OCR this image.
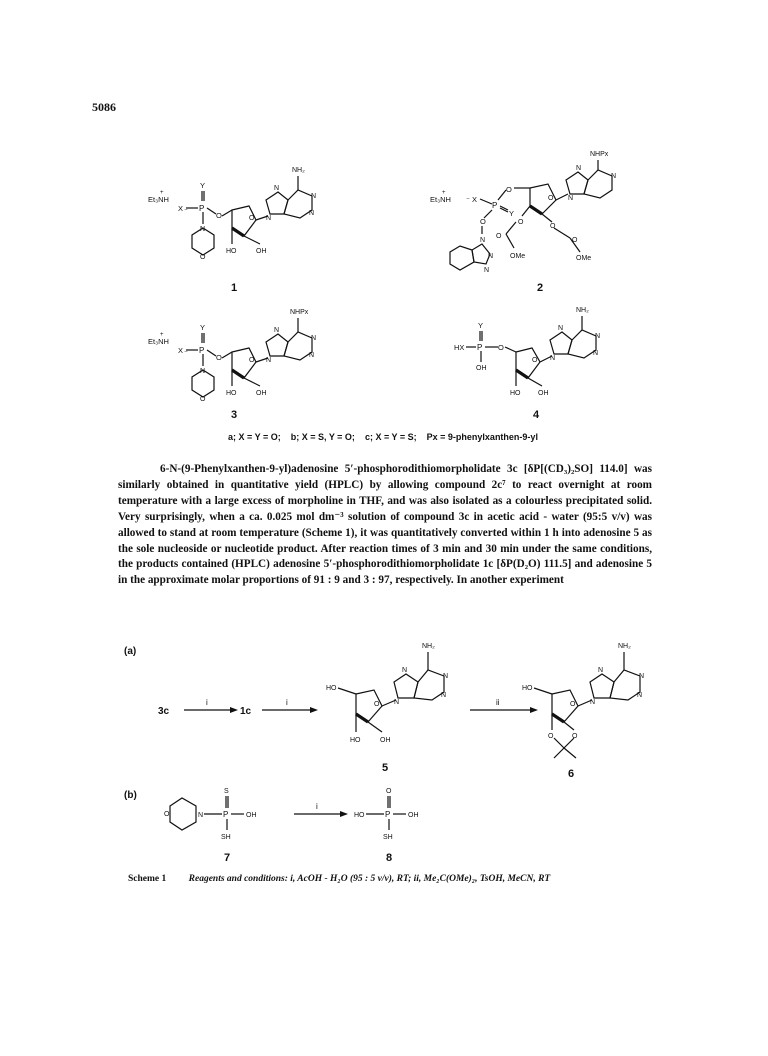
5086
Et₃NH
+
Y
⁻
X P
O
N
O
O
HO	OH
N
N
N
N
NH₂
1
Et₃NH
+
⁻ X
P
Y
O
O
N
N
N
O
O
O
O
OMe
O
OMe
N
N
N
NHPx
2
Et₃NH
+
Y
⁻
X P
O
N
O
O
HO	OH
N
N
N
N
NHPx
3
Y
HX P O
OH
O
HO	OH
N
N
N
N
NH₂
4
a; X = Y = O; b; X = S, Y = O; c; X = Y = S; Px = 9-phenylxanthen-9-yl

6-N-(9-Phenylxanthen-9-yl)adenosine 5′-phosphorodithiomorpholidate 3c [δP[(CD₃)₂SO] 114.0] was similarly obtained in quantitative yield (HPLC) by allowing compound 2c⁷ to react overnight at room temperature with a large excess of morpholine in THF, and was also isolated as a colourless precipitated solid. Very surprisingly, when a ca. 0.025 mol dm⁻³ solution of compound 3c in acetic acid - water (95:5 v/v) was allowed to stand at room temperature (Scheme 1), it was quantitatively converted within 1 h into adenosine 5 as the sole nucleoside or nucleotide product. After reaction times of 3 min and 30 min under the same conditions, the products contained (HPLC) adenosine 5′-phosphorodithiomorpholidate 1c [δP(D₂O) 111.5] and adenosine 5 in the approximate molar proportions of 91 : 9 and 3 : 97, respectively. In another experiment

(a)
3c	1c
i	i	ii
HO
O
HO	OH
N
N
N
N
NH₂
5
HO
O
O	O
N
N
N
N
NH₂
6
(b)
O	N P	OH
S
SH
7
i
HO	P	OH
O
SH
8
Scheme 1 Reagents and conditions: i, AcOH - H₂O (95 : 5 v/v), RT; ii, Me₂C(OMe)₂, TsOH, MeCN, RT
